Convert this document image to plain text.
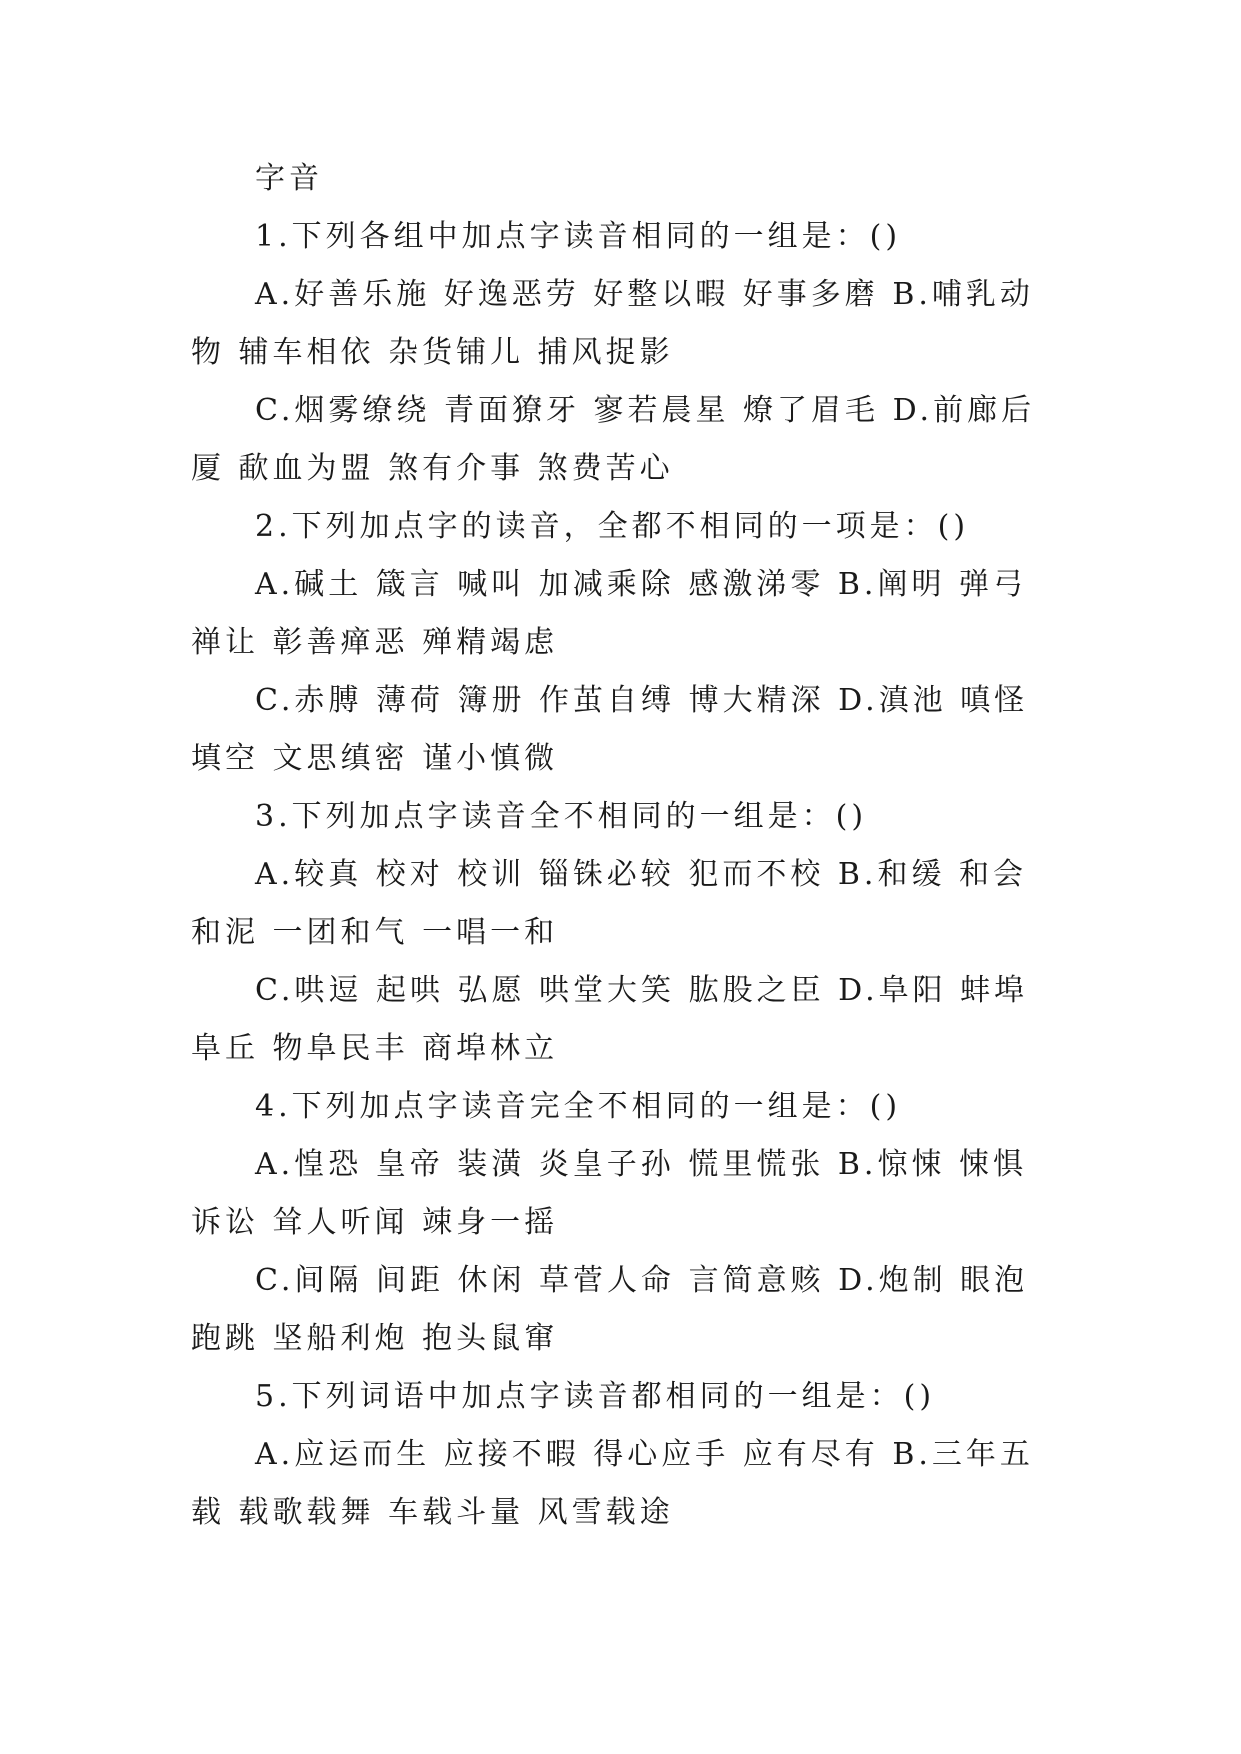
字音
1.下列各组中加点字读音相同的一组是：()
A.好善乐施 好逸恶劳 好整以暇 好事多磨 B.哺乳动
物 辅车相依 杂货铺儿 捕风捉影
C.烟雾缭绕 青面獠牙 寥若晨星 燎了眉毛 D.前廊后
厦 歃血为盟 煞有介事 煞费苦心
2.下列加点字的读音，全都不相同的一项是：()
A.碱土 箴言 喊叫 加减乘除 感激涕零 B.阐明 弹弓
禅让 彰善瘅恶 殚精竭虑
C.赤膊 薄荷 簿册 作茧自缚 博大精深 D.滇池 嗔怪
填空 文思缜密 谨小慎微
3.下列加点字读音全不相同的一组是：()
A.较真 校对 校训 锱铢必较 犯而不校 B.和缓 和会
和泥 一团和气 一唱一和
C.哄逗 起哄 弘愿 哄堂大笑 肱股之臣 D.阜阳 蚌埠
阜丘 物阜民丰 商埠林立
4.下列加点字读音完全不相同的一组是：()
A.惶恐 皇帝 装潢 炎皇子孙 慌里慌张 B.惊悚 悚惧
诉讼 耸人听闻 竦身一摇
C.间隔 间距 休闲 草菅人命 言简意赅 D.炮制 眼泡
跑跳 坚船利炮 抱头鼠窜
5.下列词语中加点字读音都相同的一组是：()
A.应运而生 应接不暇 得心应手 应有尽有 B.三年五
载 载歌载舞 车载斗量 风雪载途
